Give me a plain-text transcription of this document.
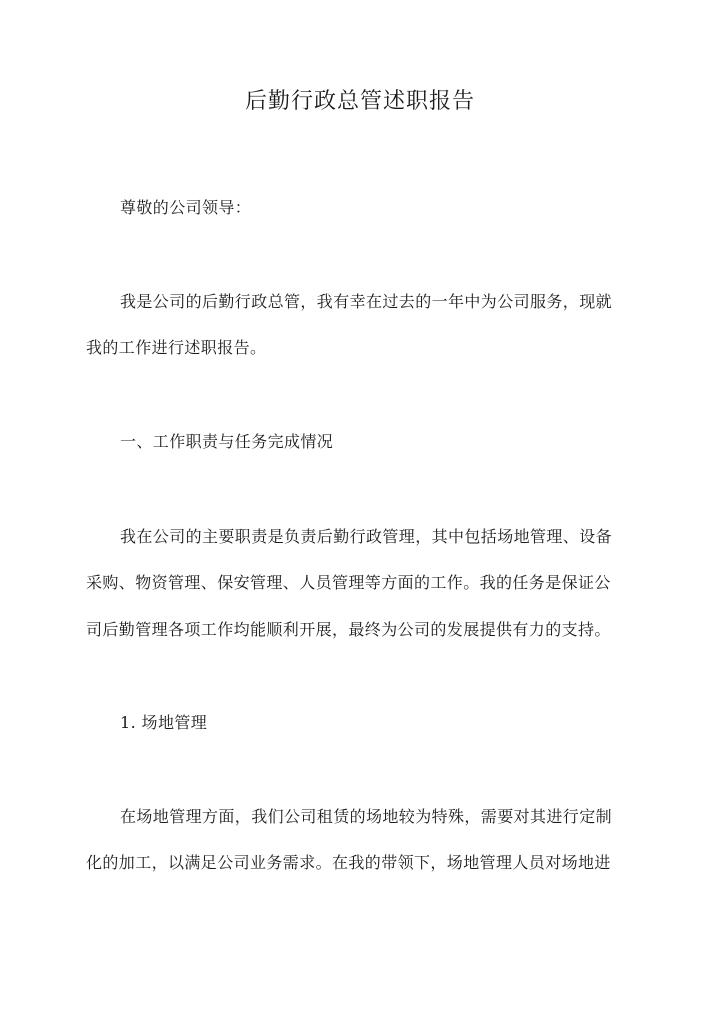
后勤行政总管述职报告
尊敬的公司领导：
我是公司的后勤行政总管，我有幸在过去的一年中为公司服务，现就
我的工作进行述职报告。
一、工作职责与任务完成情况
我在公司的主要职责是负责后勤行政管理，其中包括场地管理、设备
采购、物资管理、保安管理、人员管理等方面的工作。我的任务是保证公
司后勤管理各项工作均能顺利开展，最终为公司的发展提供有力的支持。
1. 场地管理
在场地管理方面，我们公司租赁的场地较为特殊，需要对其进行定制
化的加工，以满足公司业务需求。在我的带领下，场地管理人员对场地进
